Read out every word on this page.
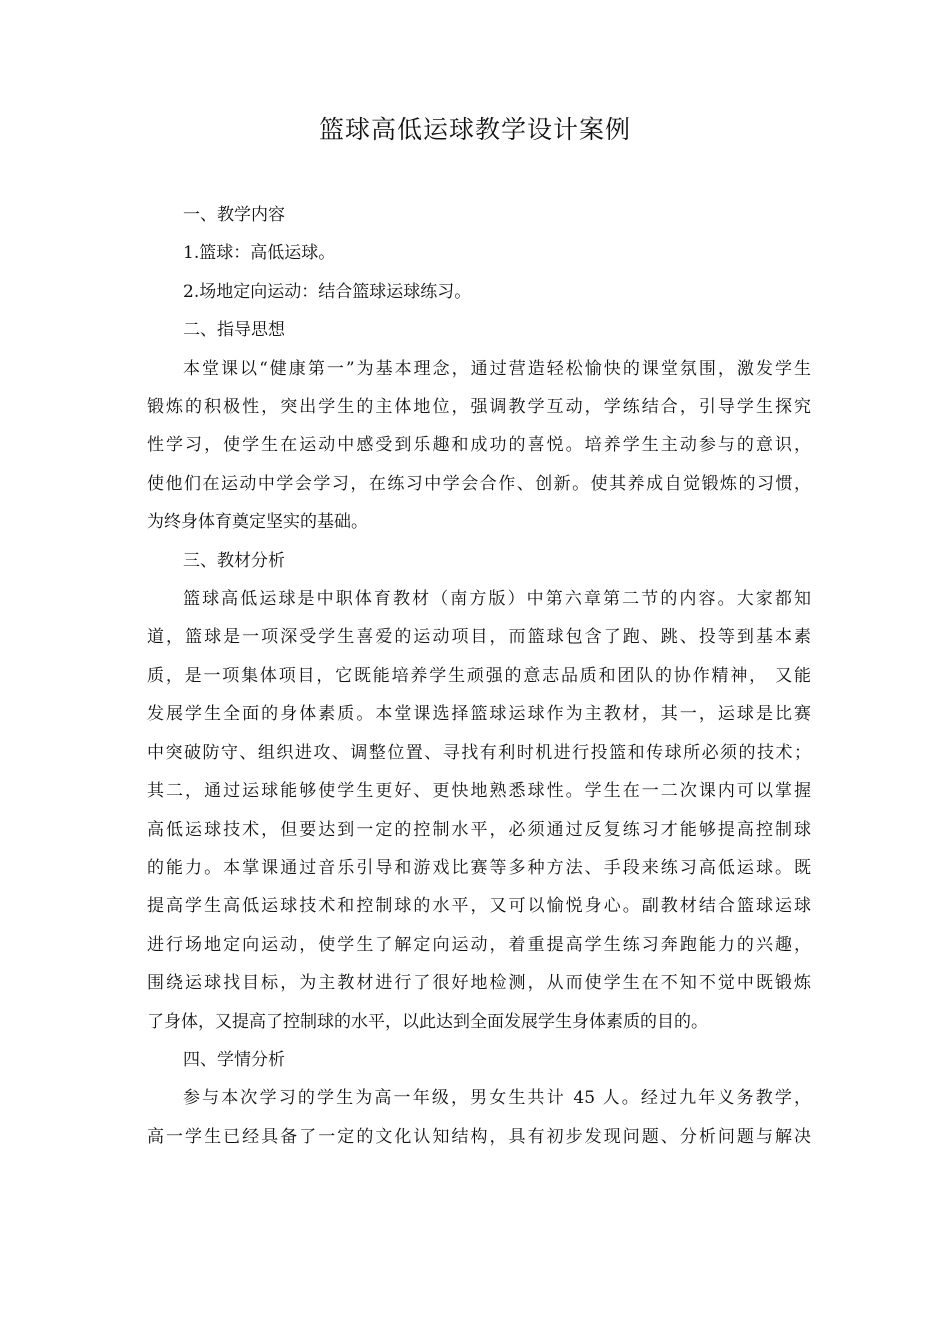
篮球高低运球教学设计案例

一、教学内容

1.篮球：高低运球。

2.场地定向运动：结合篮球运球练习。

二、指导思想

本堂课以“健康第一”为基本理念，通过营造轻松愉快的课堂氛围，激发学生

锻炼的积极性，突出学生的主体地位，强调教学互动，学练结合，引导学生探究

性学习，使学生在运动中感受到乐趣和成功的喜悦。培养学生主动参与的意识，

使他们在运动中学会学习，在练习中学会合作、创新。使其养成自觉锻炼的习惯，

为终身体育奠定坚实的基础。

三、教材分析

篮球高低运球是中职体育教材（南方版）中第六章第二节的内容。大家都知

道，篮球是一项深受学生喜爱的运动项目，而篮球包含了跑、跳、投等到基本素

质，是一项集体项目，它既能培养学生顽强的意志品质和团队的协作精神， 又能

发展学生全面的身体素质。本堂课选择篮球运球作为主教材，其一，运球是比赛

中突破防守、组织进攻、调整位置、寻找有利时机进行投篮和传球所必须的技术；

其二，通过运球能够使学生更好、更快地熟悉球性。学生在一二次课内可以掌握

高低运球技术，但要达到一定的控制水平，必须通过反复练习才能够提高控制球

的能力。本掌课通过音乐引导和游戏比赛等多种方法、手段来练习高低运球。既

提高学生高低运球技术和控制球的水平，又可以愉悦身心。副教材结合篮球运球

进行场地定向运动，使学生了解定向运动，着重提高学生练习奔跑能力的兴趣，

围绕运球找目标，为主教材进行了很好地检测，从而使学生在不知不觉中既锻炼

了身体，又提高了控制球的水平，以此达到全面发展学生身体素质的目的。

四、学情分析

参与本次学习的学生为高一年级，男女生共计 45 人。经过九年义务教学，

高一学生已经具备了一定的文化认知结构，具有初步发现问题、分析问题与解决
